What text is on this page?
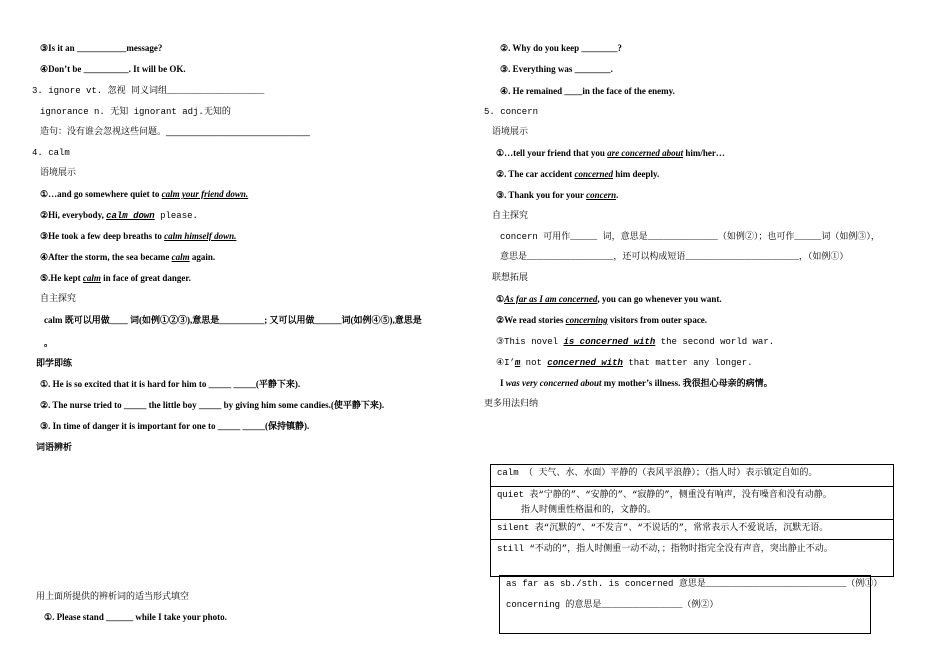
③Is it an ___________message?
④Don’t be __________. It will be OK.
3. ignore vt. 忽视 同义词组__________________
ignorance n. 无知 ignorant adj.无知的
造句：没有谁会忽视这些问题。________________________________
4. calm
语境展示
①…and go somewhere quiet to calm your friend down.
②Hi, everybody, calm down please.
③He took a few deep breaths to calm himself down.
④After the storm, the sea became calm again.
⑤.He kept calm in face of great danger.
自主探究
calm 既可以用做____ 词(如例①②③),意思是__________; 又可以用做______词(如例④⑤),意思是
。
即学即练
①. He is so excited that it is hard for him to _____ _____(平静下来).
②. The nurse tried to _____ the little boy _____ by giving him some candies.(使平静下来).
③. In time of danger it is important for one to _____ _____(保持镇静).
词语辨析
用上面所提供的辨析词的适当形式填空
①. Please stand ______ while I take your photo.
②. Why do you keep ________?
③. Everything was ________.
④. He remained ____in the face of the enemy.
5. concern
语境展示
①…tell your friend that you are concerned about him/her…
②. The car accident concerned him deeply.
③. Thank you for your concern.
自主探究
concern 可用作_____ 词，意思是_____________（如例②）；也可作_____词（如例③），
意思是________________，还可以构成短语_____________________，（如例①）
联想拓展
①As far as I am concerned, you can go whenever you want.
②We read stories concerning visitors from outer space.
③This novel is concerned with the second world war.
④I’m not concerned with that matter any longer.
I was very concerned about my mother’s illness. 我很担心母亲的病情。
更多用法归纳
calm （ 天气、水、水面）平静的（表风平浪静）；（指人时）表示镇定自如的。
quiet 表“宁静的”、“安静的”、“寂静的”，侧重没有响声，没有噪音和没有动静。
指人时侧重性格温和的，文静的。
silent 表“沉默的”、“不发言”、“不说话的”，常常表示人不爱说话，沉默无语。
still “不动的”，指人时侧重一动不动，；指物时指完全没有声音，突出静止不动。
as far as sb./sth. is concerned 意思是__________________________（例①）
concerning 的意思是_______________（例②）
